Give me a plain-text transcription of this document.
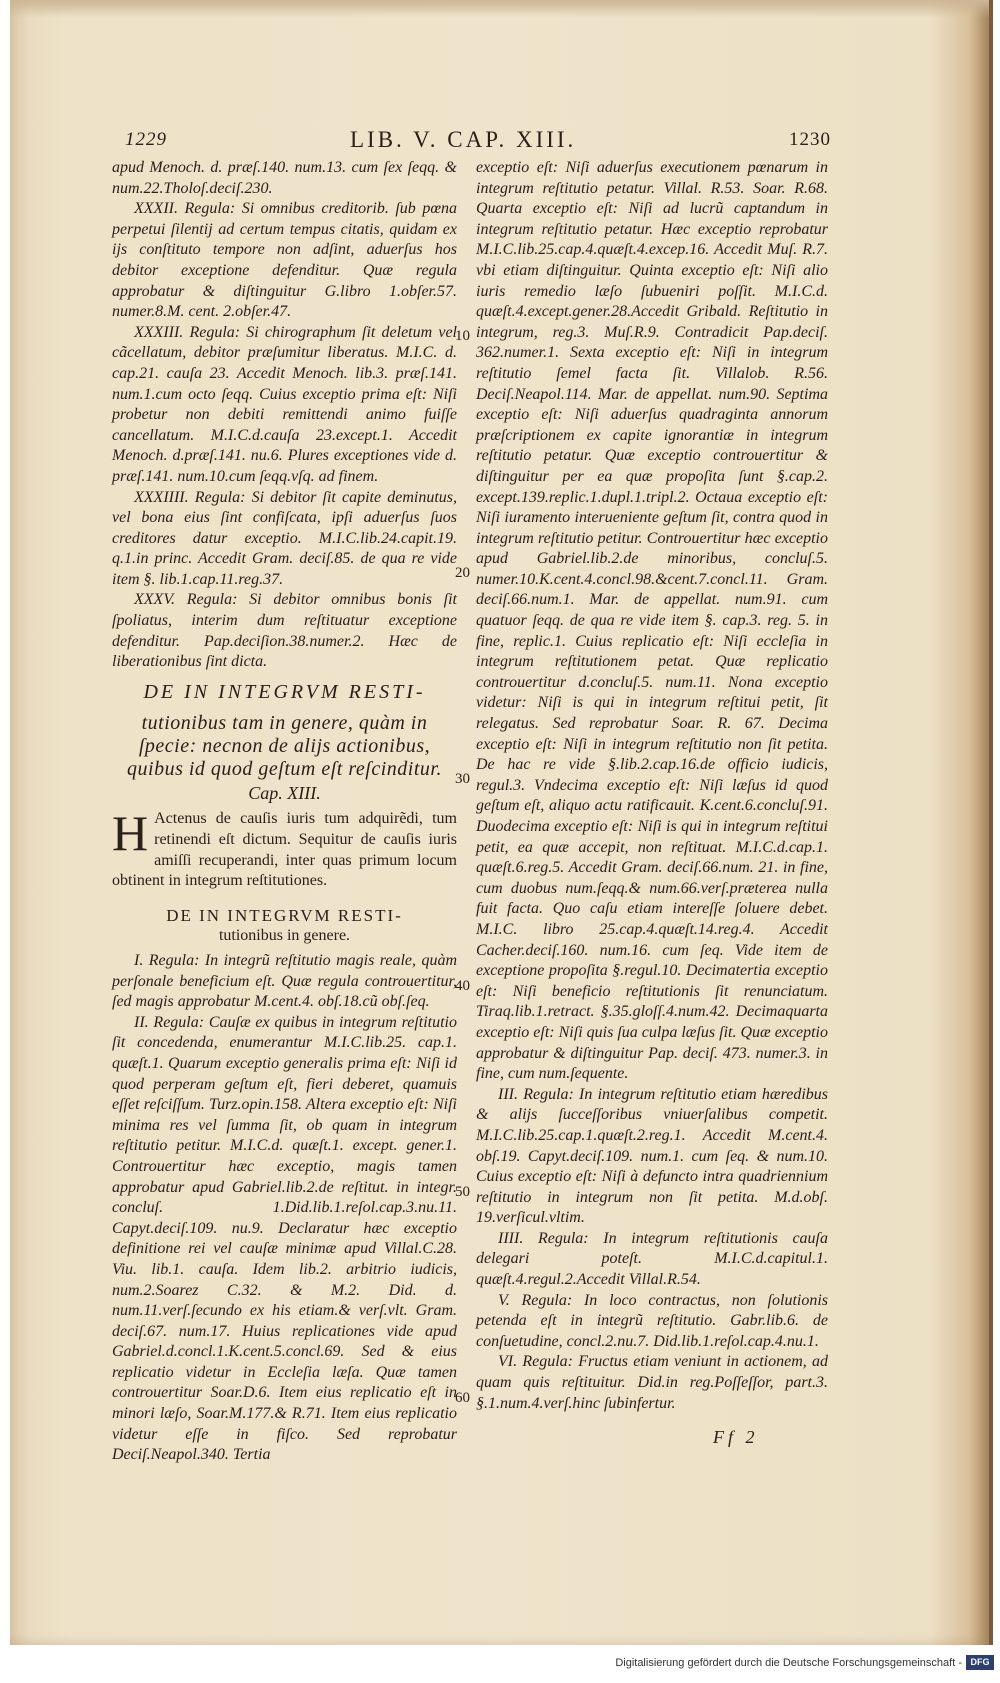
1229	LIB. V. CAP. XIII.	1230

apud Menoch. d. præſ.140. num.13. cum ſex ſeqq. & num.22.Tholoſ.deciſ.230.

XXXII. Regula: Si omnibus creditorib. ſub pœna perpetui ſilentij ad certum tempus citatis, quidam ex ijs conſtituto tempore non adſint, aduerſus hos debitor exceptione defenditur. Quæ regula approbatur & diſtinguitur G.libro 1.obſer.57. numer.8.M. cent. 2.obſer.47.

XXXIII. Regula: Si chirographum ſit deletum vel cãcellatum, debitor præſumitur liberatus. M.I.C. d. cap.21. cauſa 23. Accedit Menoch. lib.3. præſ.141. num.1.cum octo ſeqq. Cuius exceptio prima eſt: Niſi probetur non debiti remittendi animo fuiſſe cancellatum. M.I.C.d.cauſa 23.except.1. Accedit Menoch. d.præſ.141. nu.6. Plures exceptiones vide d. præſ.141. num.10.cum ſeqq.vſq. ad finem.

XXXIIII. Regula: Si debitor ſit capite deminutus, vel bona eius ſint confiſcata, ipſi aduerſus ſuos creditores datur exceptio. M.I.C.lib.24.capit.19. q.1.in princ. Accedit Gram. deciſ.85. de qua re vide item §. lib.1.cap.11.reg.37.

XXXV. Regula: Si debitor omnibus bonis ſit ſpoliatus, interim dum reſtituatur exceptione defenditur. Pap.deciſion.38.numer.2. Hæc de liberationibus ſint dicta.

DE IN INTEGRVM RESTI-
tutionibus tam in genere, quàm in ſpecie: necnon de alijs actionibus, quibus id quod geſtum eſt reſcinditur.
Cap. XIII.

H Actenus de cauſis iuris tum adquirẽdi, tum retinendi eſt dictum. Sequitur de cauſis iuris amiſſi recuperandi, inter quas primum locum obtinent in integrum reſtitutiones.

DE IN INTEGRVM RESTI-
tutionibus in genere.

I. Regula: In integrũ reſtitutio magis reale, quàm perſonale beneficium eſt. Quæ regula controuertitur, ſed magis approbatur M.cent.4. obſ.18.cũ obſ.ſeq.

II. Regula: Cauſæ ex quibus in integrum reſtitutio ſit concedenda, enumerantur M.I.C.lib.25. cap.1. quæſt.1. Quarum exceptio generalis prima eſt: Niſi id quod perperam geſtum eſt, fieri deberet, quamuis eſſet reſciſſum. Turz.opin.158. Altera exceptio eſt: Niſi minima res vel ſumma ſit, ob quam in integrum reſtitutio petitur. M.I.C.d. quæſt.1. except. gener.1. Controuertitur hæc exceptio, magis tamen approbatur apud Gabriel.lib.2.de reſtitut. in integr. concluſ. 1.Did.lib.1.reſol.cap.3.nu.11. Capyt.deciſ.109. nu.9. Declaratur hæc exceptio definitione rei vel cauſæ minimæ apud Villal.C.28. Viu. lib.1. cauſa. Idem lib.2. arbitrio iudicis, num.2.Soarez C.32. & M.2. Did. d. num.11.verſ.ſecundo ex his etiam.& verſ.vlt. Gram. deciſ.67. num.17. Huius replicationes vide apud Gabriel.d.concl.1.K.cent.5.concl.69. Sed & eius replicatio videtur in Eccleſia læſa. Quæ tamen controuertitur Soar.D.6. Item eius replicatio eſt in minori læſo, Soar.M.177.& R.71. Item eius replicatio videtur eſſe in fiſco. Sed reprobatur Deciſ.Neapol.340. Tertia

10
20
30
40
50
60

exceptio eſt: Niſi aduerſus executionem pœnarum in integrum reſtitutio petatur. Villal. R.53. Soar. R.68. Quarta exceptio eſt: Niſi ad lucrũ captandum in integrum reſtitutio petatur. Hæc exceptio reprobatur M.I.C.lib.25.cap.4.quæſt.4.excep.16. Accedit Muſ. R.7. vbi etiam diſtinguitur. Quinta exceptio eſt: Niſi alio iuris remedio læſo ſubueniri poſſit. M.I.C.d. quæſt.4.except.gener.28.Accedit Gribald. Reſtitutio in integrum, reg.3. Muſ.R.9. Contradicit Pap.deciſ. 362.numer.1. Sexta exceptio eſt: Niſi in integrum reſtitutio ſemel facta ſit. Villalob. R.56. Deciſ.Neapol.114. Mar. de appellat. num.90. Septima exceptio eſt: Niſi aduerſus quadraginta annorum præſcriptionem ex capite ignorantiæ in integrum reſtitutio petatur. Quæ exceptio controuertitur & diſtinguitur per ea quæ propoſita ſunt §.cap.2. except.139.replic.1.dupl.1.tripl.2. Octaua exceptio eſt: Niſi iuramento interueniente geſtum ſit, contra quod in integrum reſtitutio petitur. Controuertitur hæc exceptio apud Gabriel.lib.2.de minoribus, concluſ.5. numer.10.K.cent.4.concl.98.&cent.7.concl.11. Gram. deciſ.66.num.1. Mar. de appellat. num.91. cum quatuor ſeqq. de qua re vide item §. cap.3. reg. 5. in fine, replic.1. Cuius replicatio eſt: Niſi eccleſia in integrum reſtitutionem petat. Quæ replicatio controuertitur d.concluſ.5. num.11. Nona exceptio videtur: Niſi is qui in integrum reſtitui petit, ſit relegatus. Sed reprobatur Soar. R. 67. Decima exceptio eſt: Niſi in integrum reſtitutio non ſit petita. De hac re vide §.lib.2.cap.16.de officio iudicis, regul.3. Vndecima exceptio eſt: Niſi læſus id quod geſtum eſt, aliquo actu ratificauit. K.cent.6.concluſ.91. Duodecima exceptio eſt: Niſi is qui in integrum reſtitui petit, ea quæ accepit, non reſtituat. M.I.C.d.cap.1. quæſt.6.reg.5. Accedit Gram. deciſ.66.num. 21. in fine, cum duobus num.ſeqq.& num.66.verſ.præterea nulla fuit facta. Quo caſu etiam intereſſe ſoluere debet. M.I.C. libro 25.cap.4.quæſt.14.reg.4. Accedit Cacher.deciſ.160. num.16. cum ſeq. Vide item de exceptione propoſita §.regul.10. Decimatertia exceptio eſt: Niſi beneficio reſtitutionis ſit renunciatum. Tiraq.lib.1.retract. §.35.gloſſ.4.num.42. Decimaquarta exceptio eſt: Niſi quis ſua culpa læſus ſit. Quæ exceptio approbatur & diſtinguitur Pap. deciſ. 473. numer.3. in fine, cum num.ſequente.

III. Regula: In integrum reſtitutio etiam hæredibus & alijs ſucceſſoribus vniuerſalibus competit. M.I.C.lib.25.cap.1.quæſt.2.reg.1. Accedit M.cent.4. obſ.19. Capyt.deciſ.109. num.1. cum ſeq. & num.10. Cuius exceptio eſt: Niſi à defuncto intra quadriennium reſtitutio in integrum non ſit petita. M.d.obſ. 19.verſicul.vltim.

IIII. Regula: In integrum reſtitutionis cauſa delegari poteſt. M.I.C.d.capitul.1. quæſt.4.regul.2.Accedit Villal.R.54.

V. Regula: In loco contractus, non ſolutionis petenda eſt in integrũ reſtitutio. Gabr.lib.6. de conſuetudine, concl.2.nu.7. Did.lib.1.reſol.cap.4.nu.1.

VI. Regula: Fructus etiam veniunt in actionem, ad quam quis reſtituitur. Did.in reg.Poſſeſſor, part.3. §.1.num.4.verſ.hinc ſubinfertur.

Ff 2
Digitalisierung gefördert durch die Deutsche Forschungsgemeinschaft - DFG
